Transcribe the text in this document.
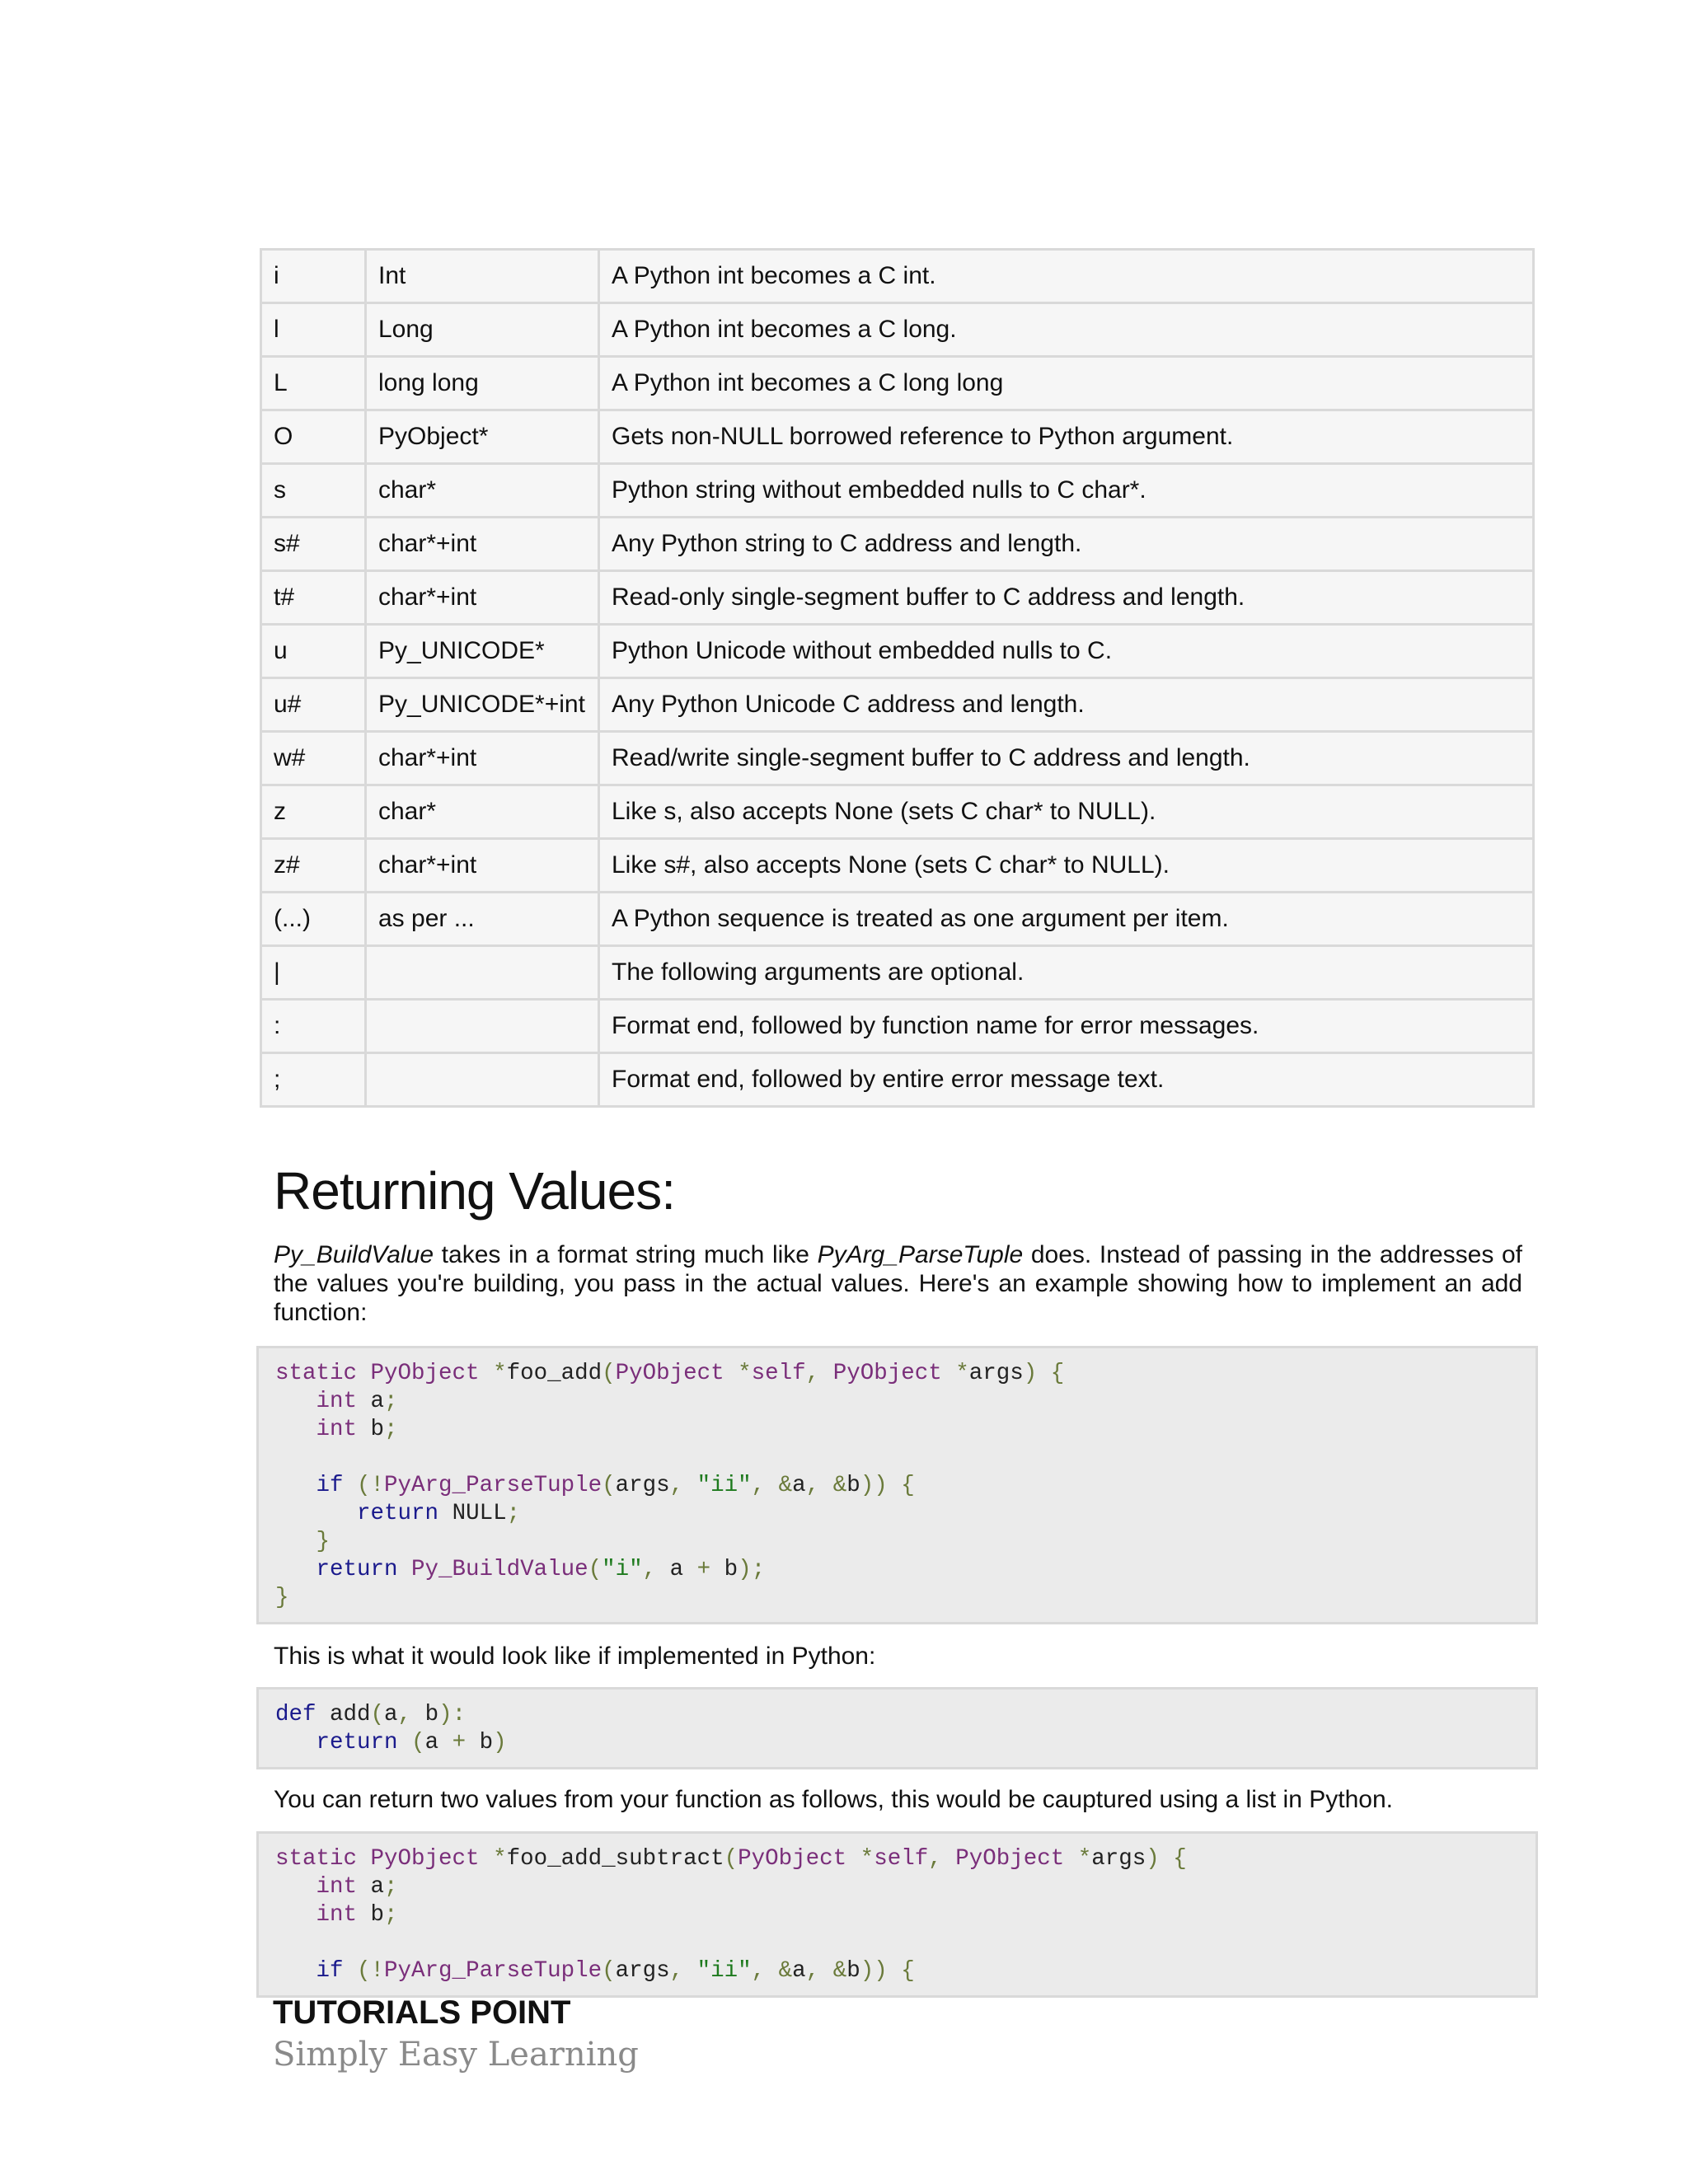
i	Int	A Python int becomes a C int.
l	Long	A Python int becomes a C long.
L	long long	A Python int becomes a C long long
O	PyObject*	Gets non-NULL borrowed reference to Python argument.
s	char*	Python string without embedded nulls to C char*.
s#	char*+int	Any Python string to C address and length.
t#	char*+int	Read-only single-segment buffer to C address and length.
u	Py_UNICODE*	Python Unicode without embedded nulls to C.
u#	Py_UNICODE*+int	Any Python Unicode C address and length.
w#	char*+int	Read/write single-segment buffer to C address and length.
z	char*	Like s, also accepts None (sets C char* to NULL).
z#	char*+int	Like s#, also accepts None (sets C char* to NULL).
(...)	as per ...	A Python sequence is treated as one argument per item.
|		The following arguments are optional.
:		Format end, followed by function name for error messages.
;		Format end, followed by entire error message text.
Returning Values:

Py_BuildValue takes in a format string much like PyArg_ParseTuple does. Instead of passing in the addresses of the values you're building, you pass in the actual values. Here's an example showing how to implement an add function:

static PyObject *foo_add(PyObject *self, PyObject *args) {
int a;
int b;
if (!PyArg_ParseTuple(args, "ii", &a, &b)) {
return NULL;
}
return Py_BuildValue("i", a + b);
}

This is what it would look like if implemented in Python:

def add(a, b):
return (a + b)

You can return two values from your function as follows, this would be cauptured using a list in Python.

static PyObject *foo_add_subtract(PyObject *self, PyObject *args) {
int a;
int b;
if (!PyArg_ParseTuple(args, "ii", &a, &b)) {
TUTORIALS POINT
Simply Easy Learning
